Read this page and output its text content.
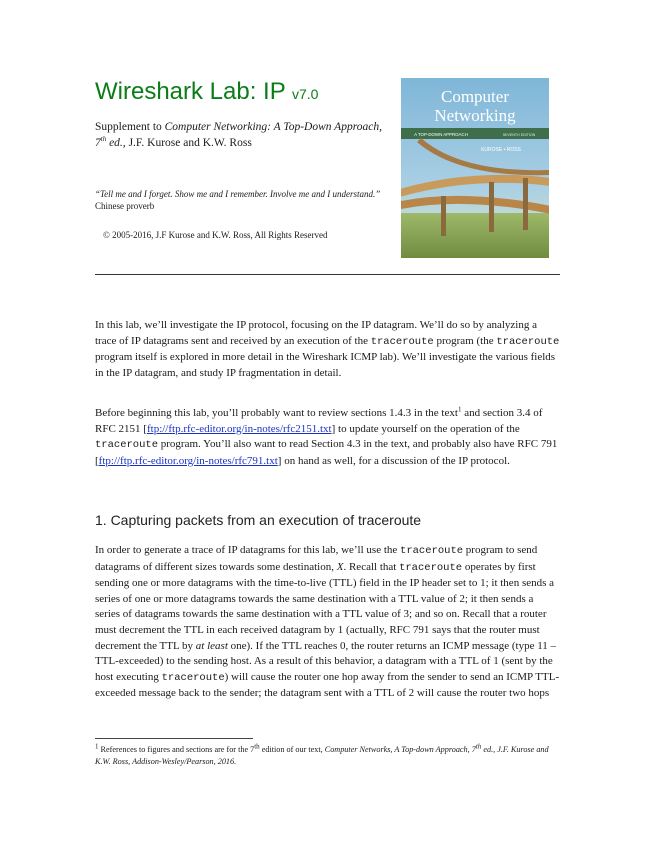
Wireshark Lab: IP v7.0
Supplement to Computer Networking: A Top-Down Approach, 7th ed., J.F. Kurose and K.W. Ross
“Tell me and I forget. Show me and I remember. Involve me and I understand.” Chinese proverb
© 2005-2016, J.F Kurose and K.W. Ross, All Rights Reserved
Computer
Networking
A TOP-DOWN APPROACH	SEVENTH EDITION
KUROSE • ROSS

In this lab, we’ll investigate the IP protocol, focusing on the IP datagram. We’ll do so by analyzing a trace of IP datagrams sent and received by an execution of the traceroute program (the traceroute program itself is explored in more detail in the Wireshark ICMP lab). We’ll investigate the various fields in the IP datagram, and study IP fragmentation in detail.

Before beginning this lab, you’ll probably want to review sections 1.4.3 in the text$^1$ and section 3.4 of RFC 2151 [ftp://ftp.rfc-editor.org/in-notes/rfc2151.txt] to update yourself on the operation of the traceroute program. You’ll also want to read Section 4.3 in the text, and probably also have RFC 791 [ftp://ftp.rfc-editor.org/in-notes/rfc791.txt] on hand as well, for a discussion of the IP protocol.

1. Capturing packets from an execution of traceroute

In order to generate a trace of IP datagrams for this lab, we’ll use the traceroute program to send datagrams of different sizes towards some destination, X. Recall that traceroute operates by first sending one or more datagrams with the time-to-live (TTL) field in the IP header set to 1; it then sends a series of one or more datagrams towards the same destination with a TTL value of 2; it then sends a series of datagrams towards the same destination with a TTL value of 3; and so on. Recall that a router must decrement the TTL in each received datagram by 1 (actually, RFC 791 says that the router must decrement the TTL by at least one). If the TTL reaches 0, the router returns an ICMP message (type 11 – TTL-exceeded) to the sending host. As a result of this behavior, a datagram with a TTL of 1 (sent by the host executing traceroute) will cause the router one hop away from the sender to send an ICMP TTL-exceeded message back to the sender; the datagram sent with a TTL of 2 will cause the router two hops

$^1$ References to figures and sections are for the 7th edition of our text, Computer Networks, A Top-down Approach, 7th ed., J.F. Kurose and K.W. Ross, Addison-Wesley/Pearson, 2016.
